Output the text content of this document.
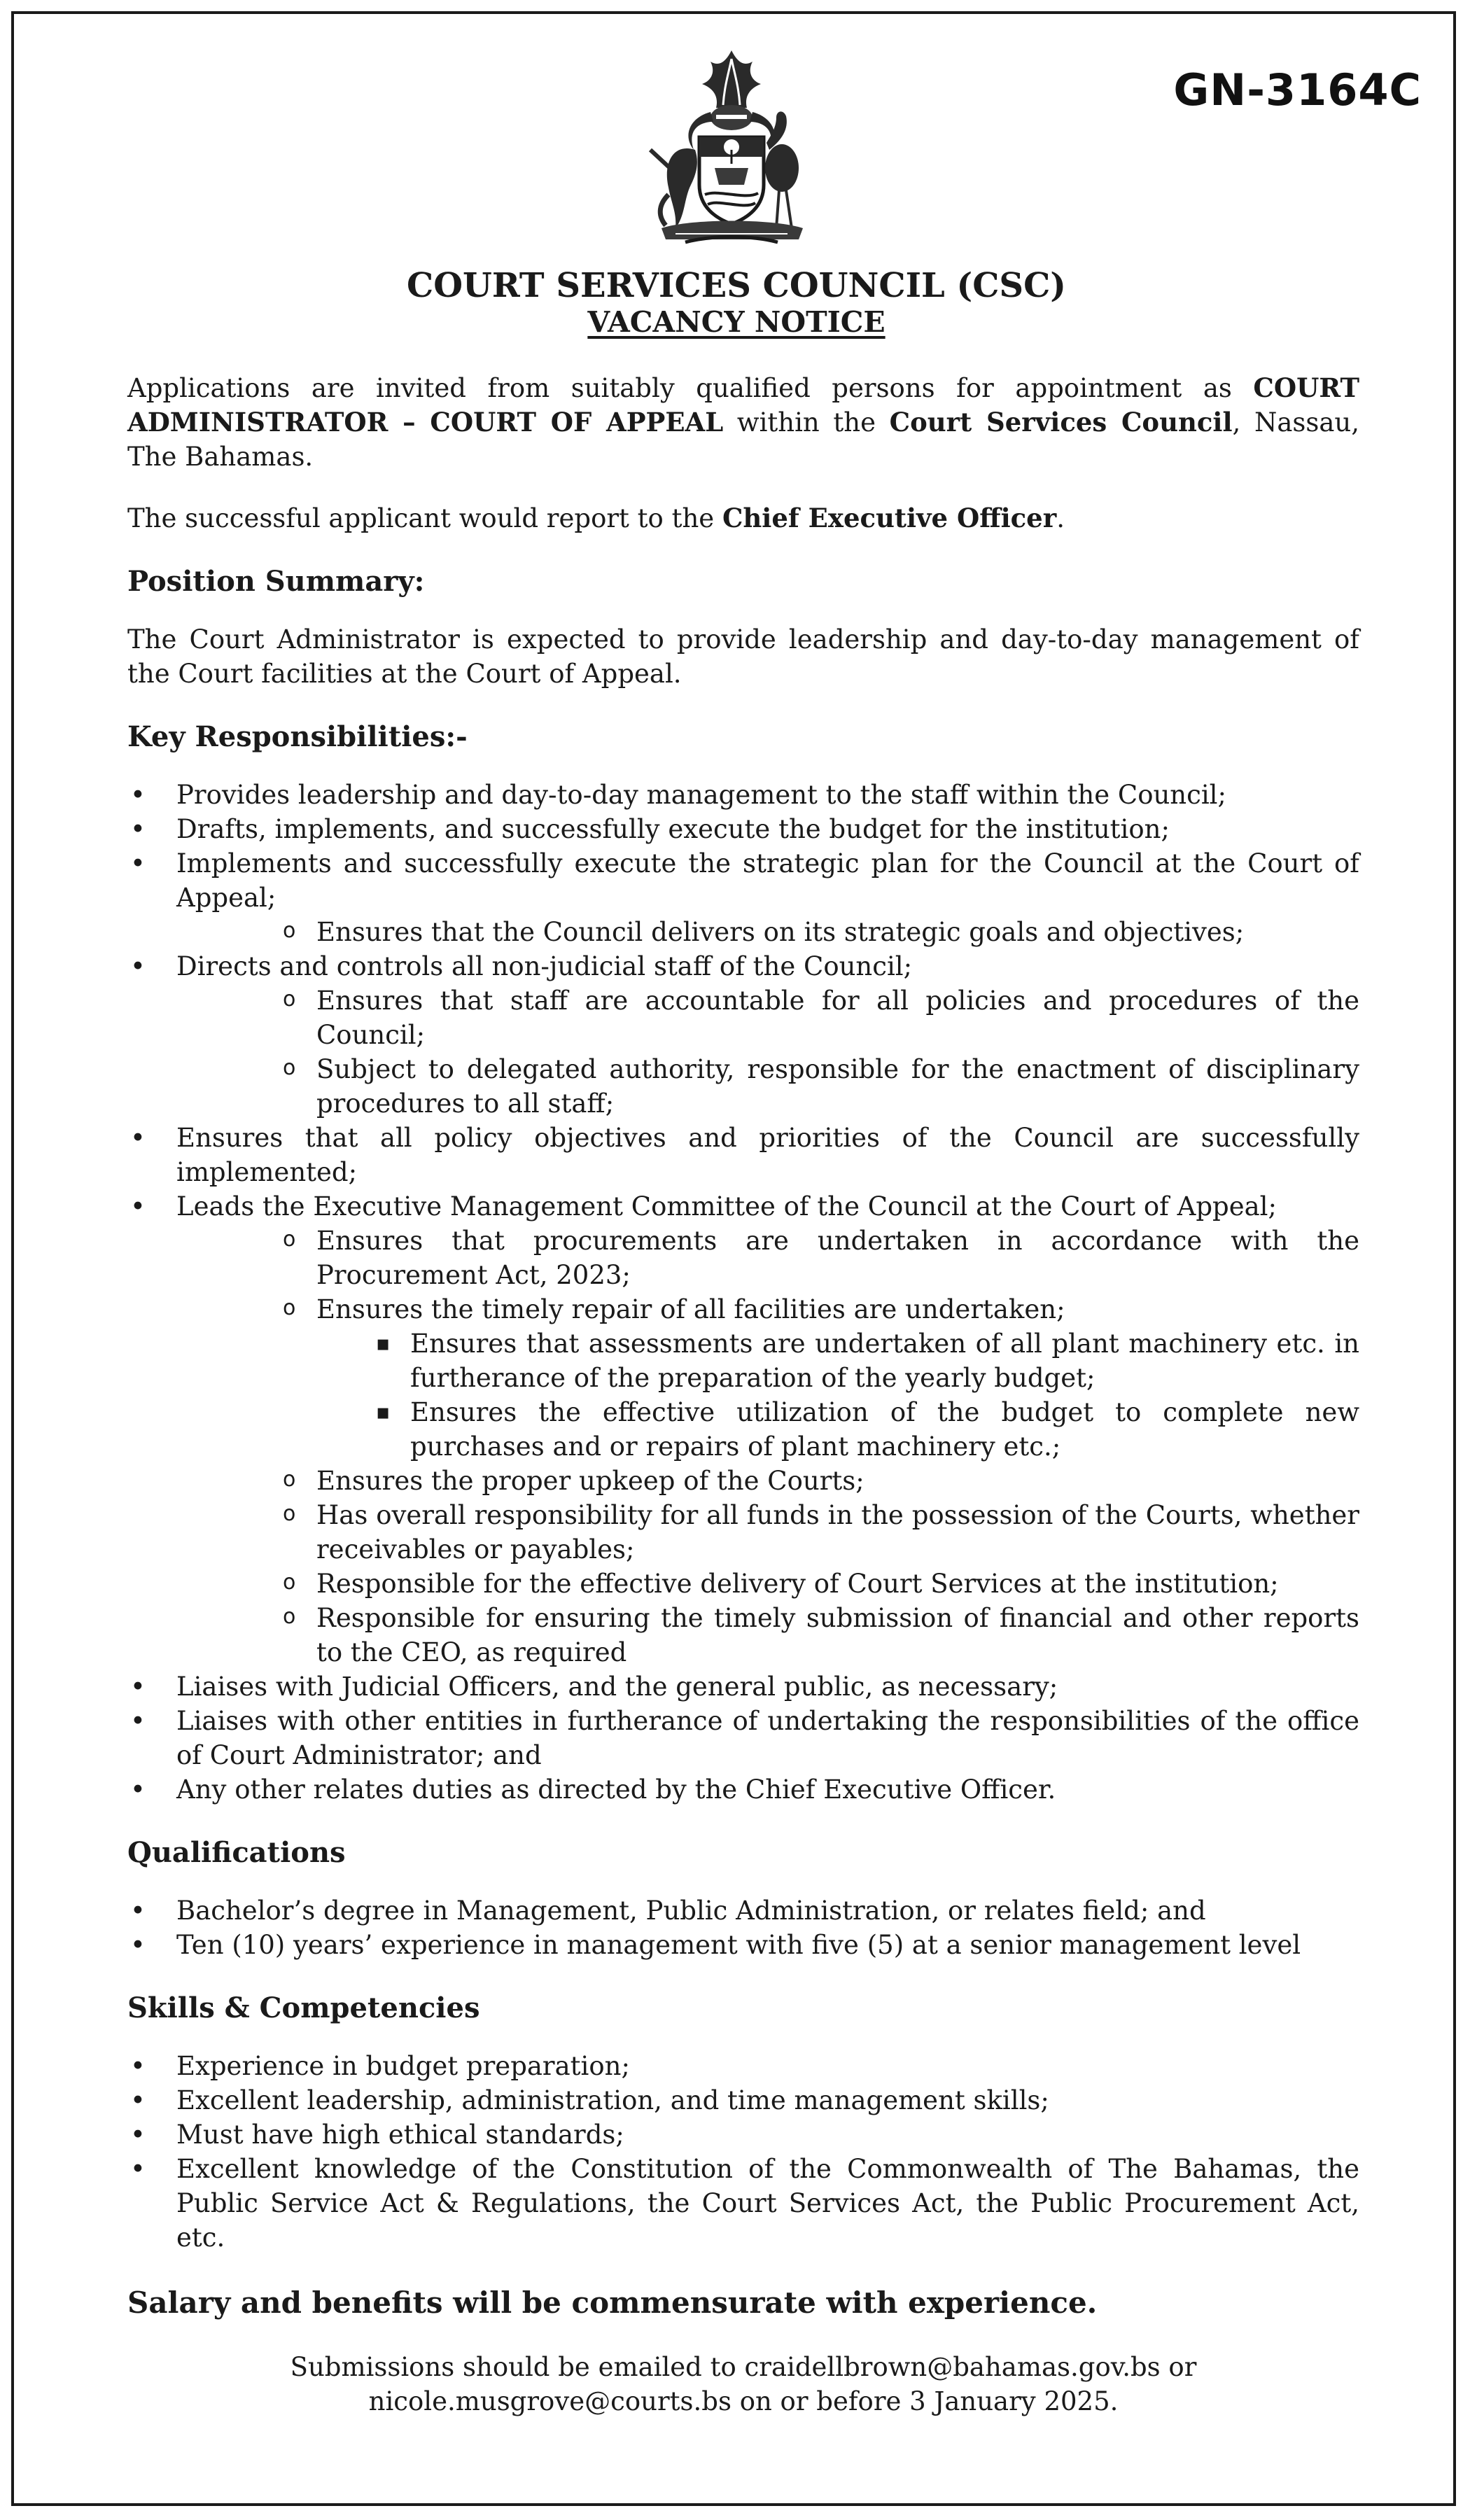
GN-3164C
COURT SERVICES COUNCIL (CSC)
VACANCY NOTICE

Applications are invited from suitably qualified persons for appointment as COURT ADMINISTRATOR – COURT OF APPEAL within the Court Services Council, Nassau, The Bahamas.

The successful applicant would report to the Chief Executive Officer.

Position Summary:

The Court Administrator is expected to provide leadership and day-to-day management of the Court facilities at the Court of Appeal.

Key Responsibilities:-
• Provides leadership and day-to-day management to the staff within the Council;
• Drafts, implements, and successfully execute the budget for the institution;
• Implements and successfully execute the strategic plan for the Council at the Court of Appeal;
o Ensures that the Council delivers on its strategic goals and objectives;
• Directs and controls all non-judicial staff of the Council;
o Ensures that staff are accountable for all policies and procedures of the Council;
o Subject to delegated authority, responsible for the enactment of disciplinary procedures to all staff;
• Ensures that all policy objectives and priorities of the Council are successfully implemented;
• Leads the Executive Management Committee of the Council at the Court of Appeal;
o Ensures that procurements are undertaken in accordance with the Procurement Act, 2023;
o Ensures the timely repair of all facilities are undertaken;
▪ Ensures that assessments are undertaken of all plant machinery etc. in furtherance of the preparation of the yearly budget;
▪ Ensures the effective utilization of the budget to complete new purchases and or repairs of plant machinery etc.;
o Ensures the proper upkeep of the Courts;
o Has overall responsibility for all funds in the possession of the Courts, whether receivables or payables;
o Responsible for the effective delivery of Court Services at the institution;
o Responsible for ensuring the timely submission of financial and other reports to the CEO, as required
• Liaises with Judicial Officers, and the general public, as necessary;
• Liaises with other entities in furtherance of undertaking the responsibilities of the office of Court Administrator; and
• Any other relates duties as directed by the Chief Executive Officer.
Qualifications
• Bachelor’s degree in Management, Public Administration, or relates field; and
• Ten (10) years’ experience in management with five (5) at a senior management level
Skills & Competencies
• Experience in budget preparation;
• Excellent leadership, administration, and time management skills;
• Must have high ethical standards;
• Excellent knowledge of the Constitution of the Commonwealth of The Bahamas, the Public Service Act & Regulations, the Court Services Act, the Public Procurement Act, etc.
Salary and benefits will be commensurate with experience.
Submissions should be emailed to craidellbrown@bahamas.gov.bs or
nicole.musgrove@courts.bs on or before 3 January 2025.
